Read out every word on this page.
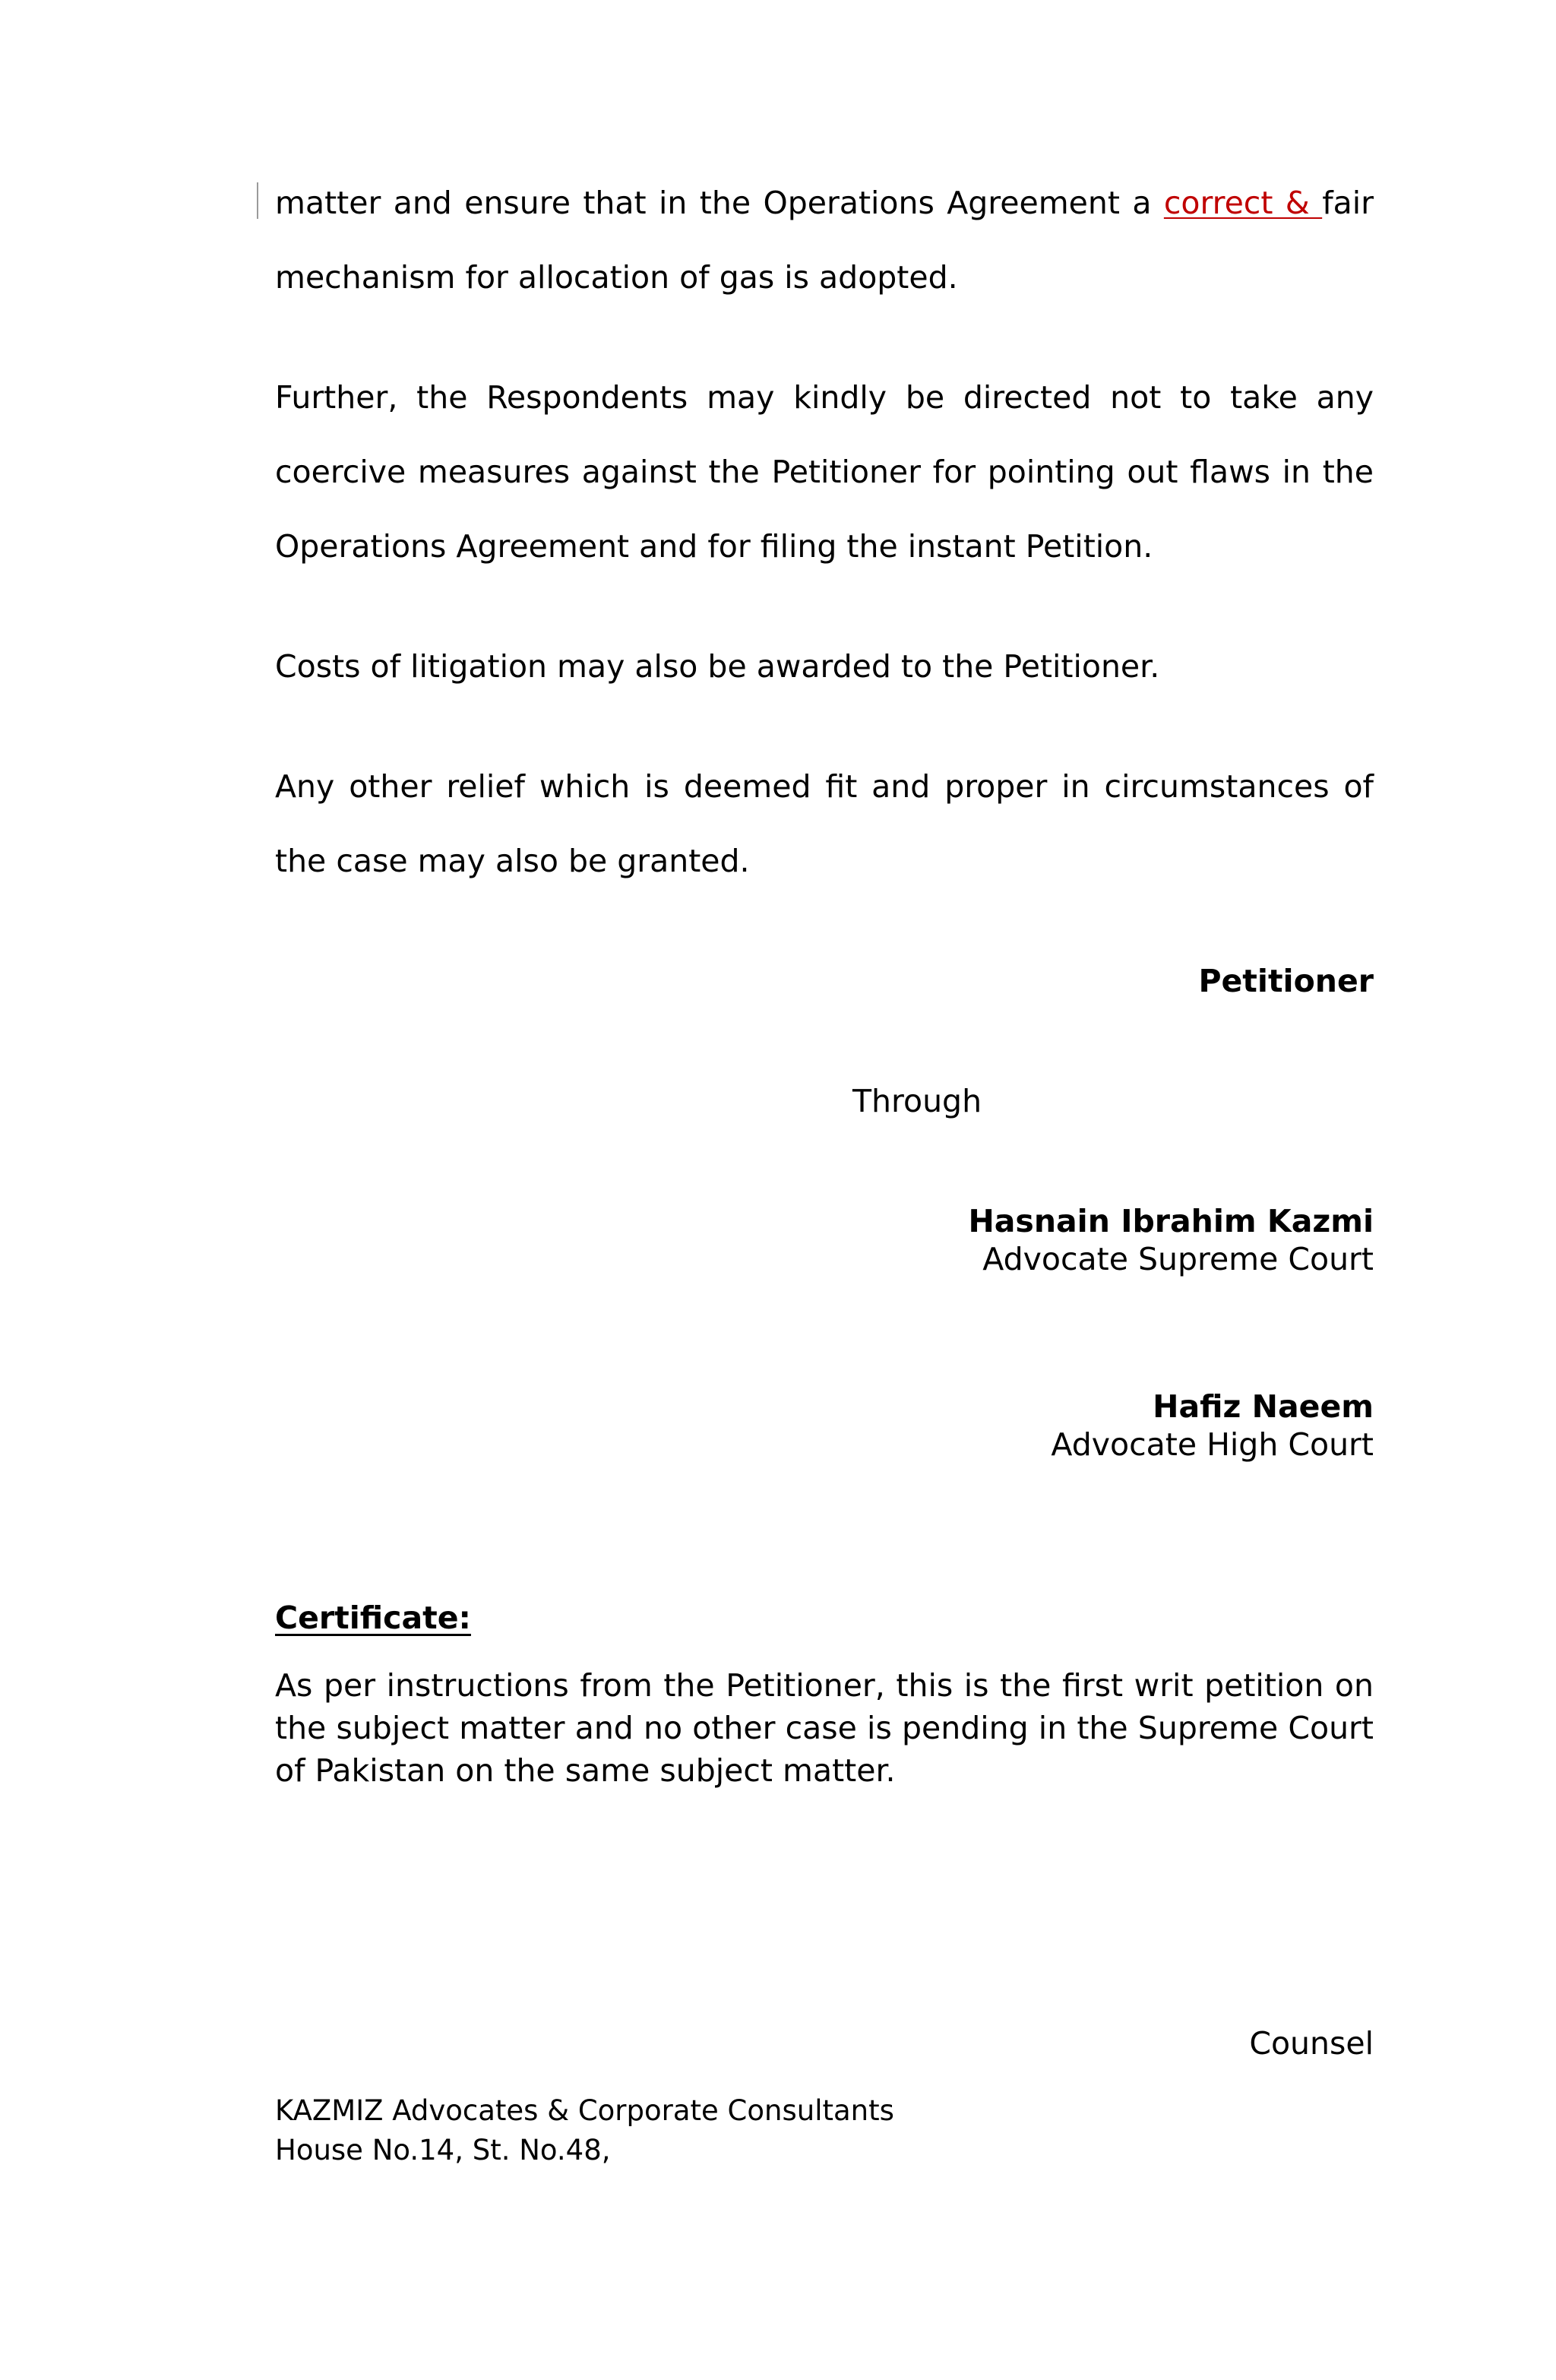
matter and ensure that in the Operations Agreement a correct & fair mechanism for allocation of gas is adopted.

Further, the Respondents may kindly be directed not to take any coercive measures against the Petitioner for pointing out flaws in the Operations Agreement and for filing the instant Petition.

Costs of litigation may also be awarded to the Petitioner.

Any other relief which is deemed fit and proper in circumstances of the case may also be granted.

Petitioner
Through
Hasnain Ibrahim Kazmi
Advocate Supreme Court
Hafiz Naeem
Advocate High Court
Certificate:

As per instructions from the Petitioner, this is the first writ petition on the subject matter and no other case is pending in the Supreme Court of Pakistan on the same subject matter.

Counsel
KAZMIZ Advocates & Corporate Consultants
House No.14, St. No.48,
